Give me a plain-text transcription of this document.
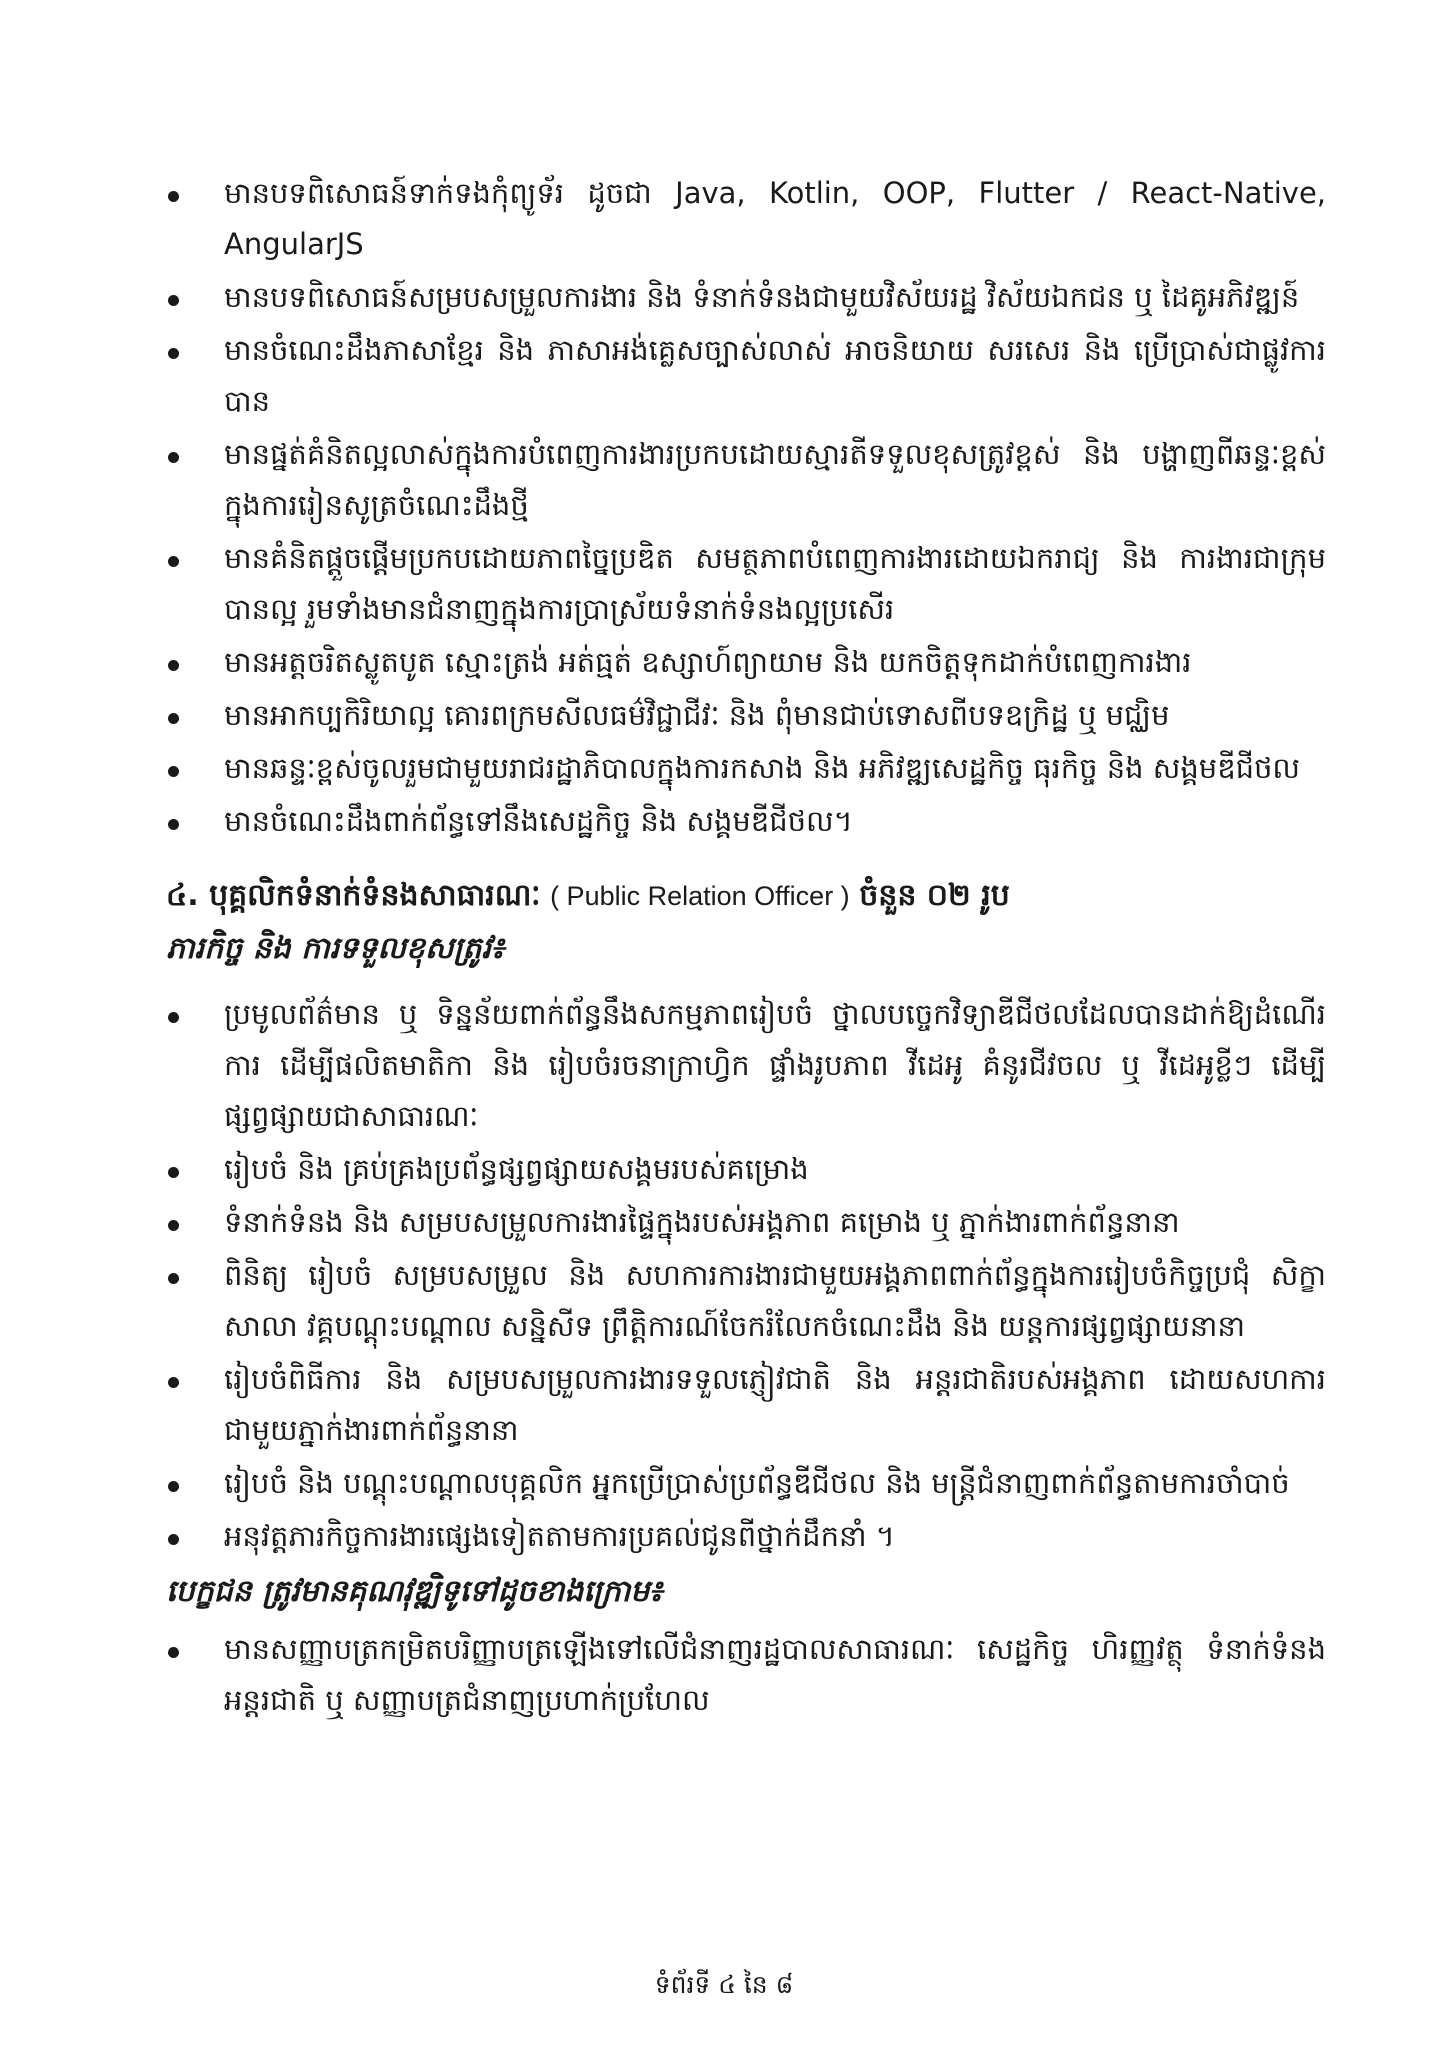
មានបទពិសោធន៍ទាក់ទងកុំព្យូទ័រ ដូចជា Java, Kotlin, OOP, Flutter / React-Native, AngularJS
មានបទពិសោធន៍សម្របសម្រួលការងារ និង ទំនាក់ទំនងជាមួយវិស័យរដ្ឋ វិស័យឯកជន ឬ ដៃគូអភិវឌ្ឍន៍
មានចំណេះដឹងភាសាខ្មែរ និង ភាសាអង់គ្លេសច្បាស់លាស់ អាចនិយាយ សរសេរ និង ប្រើប្រាស់ជាផ្លូវការបាន
មានផ្នត់គំនិតល្អលាស់ក្នុងការបំពេញការងារប្រកបដោយស្មារតីទទួលខុសត្រូវខ្ពស់ និង បង្ហាញពីឆន្ទៈខ្ពស់ក្នុងការរៀនសូត្រចំណេះដឹងថ្មី
មានគំនិតផ្តួចផ្តើមប្រកបដោយភាពច្នៃប្រឌិត សមត្ថភាពបំពេញការងារដោយឯករាជ្យ និង ការងារជាក្រុមបានល្អ រួមទាំងមានជំនាញក្នុងការប្រាស្រ័យទំនាក់ទំនងល្អប្រសើរ
មានអត្តចរិតស្លូតបូត ស្មោះត្រង់ អត់ធ្មត់ ឧស្សាហ៍ព្យាយាម និង យកចិត្តទុកដាក់បំពេញការងារ
មានអាកប្បកិរិយាល្អ គោរពក្រមសីលធម៌វិជ្ជាជីវៈ និង ពុំមានជាប់ទោសពីបទឧក្រិដ្ឋ ឬ មជ្ឈិម
មានឆន្ទៈខ្ពស់ចូលរួមជាមួយរាជរដ្ឋាភិបាលក្នុងការកសាង និង អភិវឌ្ឍសេដ្ឋកិច្ច ធុរកិច្ច និង សង្គមឌីជីថល
មានចំណេះដឹងពាក់ព័ន្ធទៅនឹងសេដ្ឋកិច្ច និង សង្គមឌីជីថល។
៤. បុគ្គលិកទំនាក់ទំនងសាធារណៈ ( Public Relation Officer ) ចំនួន ០២ រូប
ភារកិច្ច និង ការទទួលខុសត្រូវ៖
ប្រមូលព័ត៌មាន ឬ ទិន្នន័យពាក់ព័ន្ធនឹងសកម្មភាពរៀបចំ ថ្នាលបច្ចេកវិទ្យាឌីជីថលដែលបានដាក់ឱ្យដំណើរការ ដើម្បីផលិតមាតិកា និង រៀបចំរចនាក្រាហ្វិក ផ្ទាំងរូបភាព វីដេអូ គំនូរជីវចល ឬ វីដេអូខ្លីៗ ដើម្បីផ្សព្វផ្សាយជាសាធារណៈ
រៀបចំ និង គ្រប់គ្រងប្រព័ន្ធផ្សព្វផ្សាយសង្គមរបស់គម្រោង
ទំនាក់ទំនង និង សម្របសម្រួលការងារផ្ទៃក្នុងរបស់អង្គភាព គម្រោង ឬ ភ្នាក់ងារពាក់ព័ន្ធនានា
ពិនិត្យ រៀបចំ សម្របសម្រួល និង សហការការងារជាមួយអង្គភាពពាក់ព័ន្ធក្នុងការរៀបចំកិច្ចប្រជុំ សិក្ខាសាលា វគ្គបណ្តុះបណ្តាល សន្និសីទ ព្រឹត្តិការណ៍ចែករំលែកចំណេះដឹង និង យន្តការផ្សព្វផ្សាយនានា
រៀបចំពិធីការ និង សម្របសម្រួលការងារទទួលភ្ញៀវជាតិ និង អន្តរជាតិរបស់អង្គភាព ដោយសហការជាមួយភ្នាក់ងារពាក់ព័ន្ធនានា
រៀបចំ និង បណ្តុះបណ្តាលបុគ្គលិក អ្នកប្រើប្រាស់ប្រព័ន្ធឌីជីថល និង មន្ត្រីជំនាញពាក់ព័ន្ធតាមការចាំបាច់
អនុវត្តភារកិច្ចការងារផ្សេងទៀតតាមការប្រគល់ជូនពីថ្នាក់ដឹកនាំ ។
បេក្ខជន ត្រូវមានគុណវុឌ្ឍិទូទៅដូចខាងក្រោម៖
មានសញ្ញាបត្រកម្រិតបរិញ្ញាបត្រឡើងទៅលើជំនាញរដ្ឋបាលសាធារណៈ សេដ្ឋកិច្ច ហិរញ្ញវត្ថុ ទំនាក់ទំនងអន្តរជាតិ ឬ សញ្ញាបត្រជំនាញប្រហាក់ប្រហែល
ទំព័រទី ៤ នៃ ៨
